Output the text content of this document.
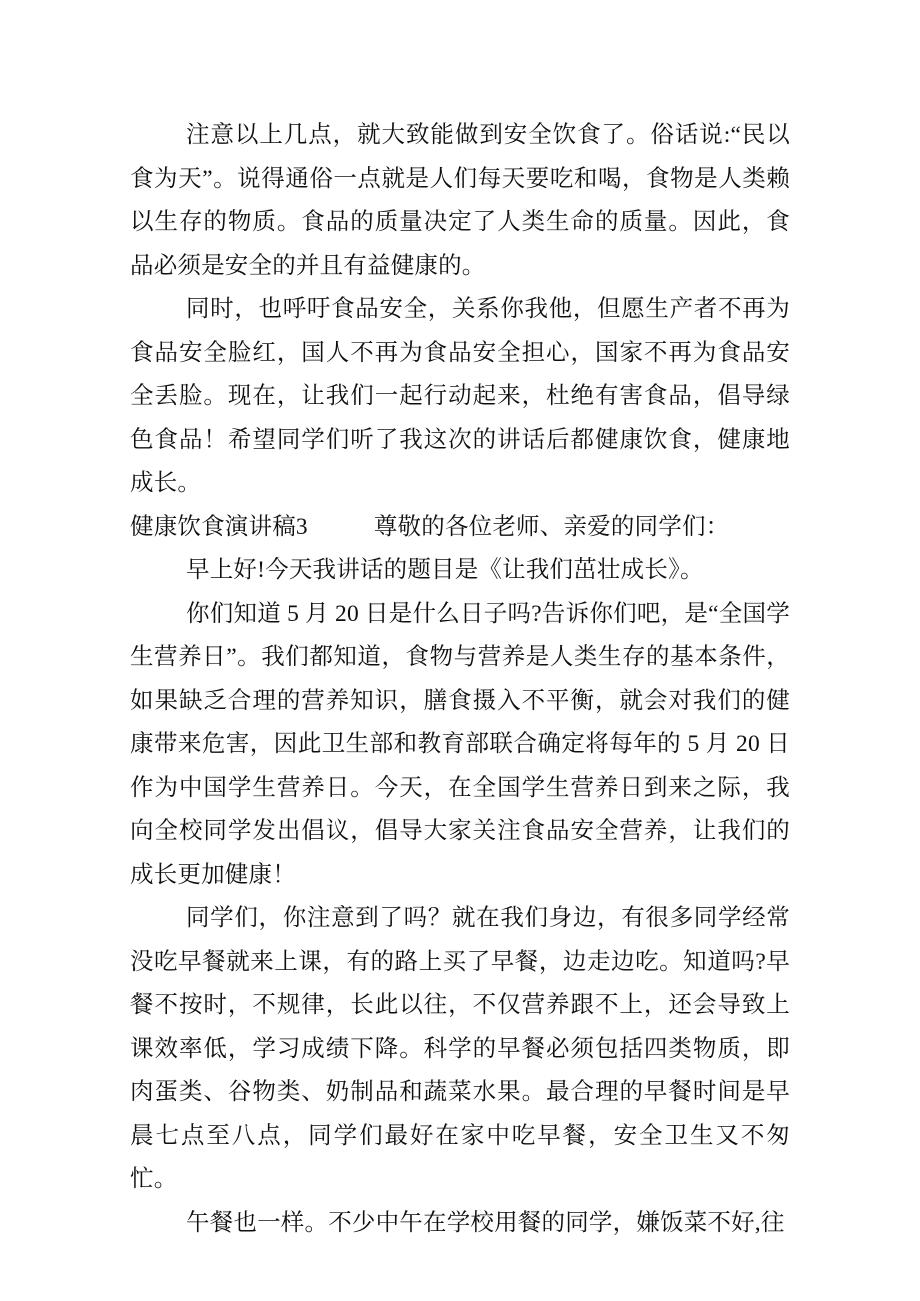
注意以上几点，就大致能做到安全饮食了。俗话说:“民以食为天”。说得通俗一点就是人们每天要吃和喝，食物是人类赖以生存的物质。食品的质量决定了人类生命的质量。因此，食品必须是安全的并且有益健康的。

同时，也呼吁食品安全，关系你我他，但愿生产者不再为食品安全脸红，国人不再为食品安全担心，国家不再为食品安全丢脸。现在，让我们一起行动起来，杜绝有害食品，倡导绿色食品！希望同学们听了我这次的讲话后都健康饮食，健康地成长。

健康饮食演讲稿3	尊敬的各位老师、亲爱的同学们：

早上好!今天我讲话的题目是《让我们茁壮成长》。

你们知道 5 月 20 日是什么日子吗?告诉你们吧，是“全国学生营养日”。我们都知道，食物与营养是人类生存的基本条件，如果缺乏合理的营养知识，膳食摄入不平衡，就会对我们的健康带来危害，因此卫生部和教育部联合确定将每年的 5 月 20 日作为中国学生营养日。今天，在全国学生营养日到来之际，我向全校同学发出倡议，倡导大家关注食品安全营养，让我们的成长更加健康！

同学们，你注意到了吗？就在我们身边，有很多同学经常没吃早餐就来上课，有的路上买了早餐，边走边吃。知道吗?早餐不按时，不规律，长此以往，不仅营养跟不上，还会导致上课效率低，学习成绩下降。科学的早餐必须包括四类物质，即肉蛋类、谷物类、奶制品和蔬菜水果。最合理的早餐时间是早晨七点至八点，同学们最好在家中吃早餐，安全卫生又不匆忙。

午餐也一样。不少中午在学校用餐的同学，嫌饭菜不好,往
